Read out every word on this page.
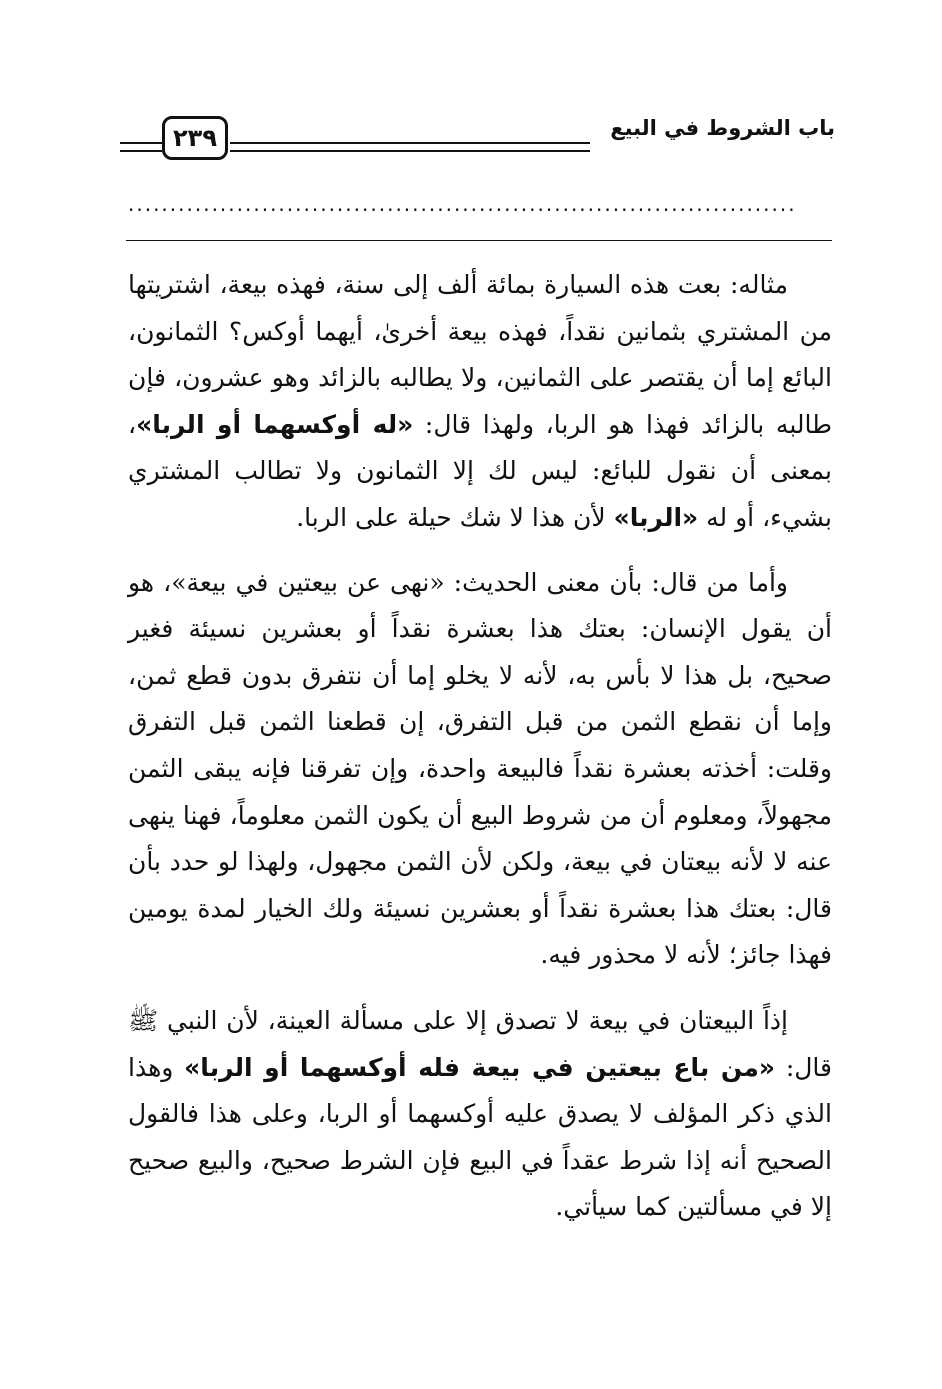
٢٣٩	باب الشروط في البيع
.....

مثاله: بعت هذه السيارة بمائة ألف إلى سنة، فهذه بيعة، اشتريتها من المشتري بثمانين نقداً، فهذه بيعة أخرىٰ، أيهما أوكس؟ الثمانون، البائع إما أن يقتصر على الثمانين، ولا يطالبه بالزائد وهو عشرون، فإن طالبه بالزائد فهذا هو الربا، ولهذا قال: «له أوكسهما أو الربا»، بمعنى أن نقول للبائع: ليس لك إلا الثمانون ولا تطالب المشتري بشيء، أو له «الربا» لأن هذا لا شك حيلة على الربا.

وأما من قال: بأن معنى الحديث: «نهى عن بيعتين في بيعة»، هو أن يقول الإنسان: بعتك هذا بعشرة نقداً أو بعشرين نسيئة فغير صحيح، بل هذا لا بأس به، لأنه لا يخلو إما أن نتفرق بدون قطع ثمن، وإما أن نقطع الثمن من قبل التفرق، إن قطعنا الثمن قبل التفرق وقلت: أخذته بعشرة نقداً فالبيعة واحدة، وإن تفرقنا فإنه يبقى الثمن مجهولاً، ومعلوم أن من شروط البيع أن يكون الثمن معلوماً، فهنا ينهى عنه لا لأنه بيعتان في بيعة، ولكن لأن الثمن مجهول، ولهذا لو حدد بأن قال: بعتك هذا بعشرة نقداً أو بعشرين نسيئة ولك الخيار لمدة يومين فهذا جائز؛ لأنه لا محذور فيه.

إذاً البيعتان في بيعة لا تصدق إلا على مسألة العينة، لأن النبي ﷺ قال: «من باع بيعتين في بيعة فله أوكسهما أو الربا» وهذا الذي ذكر المؤلف لا يصدق عليه أوكسهما أو الربا، وعلى هذا فالقول الصحيح أنه إذا شرط عقداً في البيع فإن الشرط صحيح، والبيع صحيح إلا في مسألتين كما سيأتي.
